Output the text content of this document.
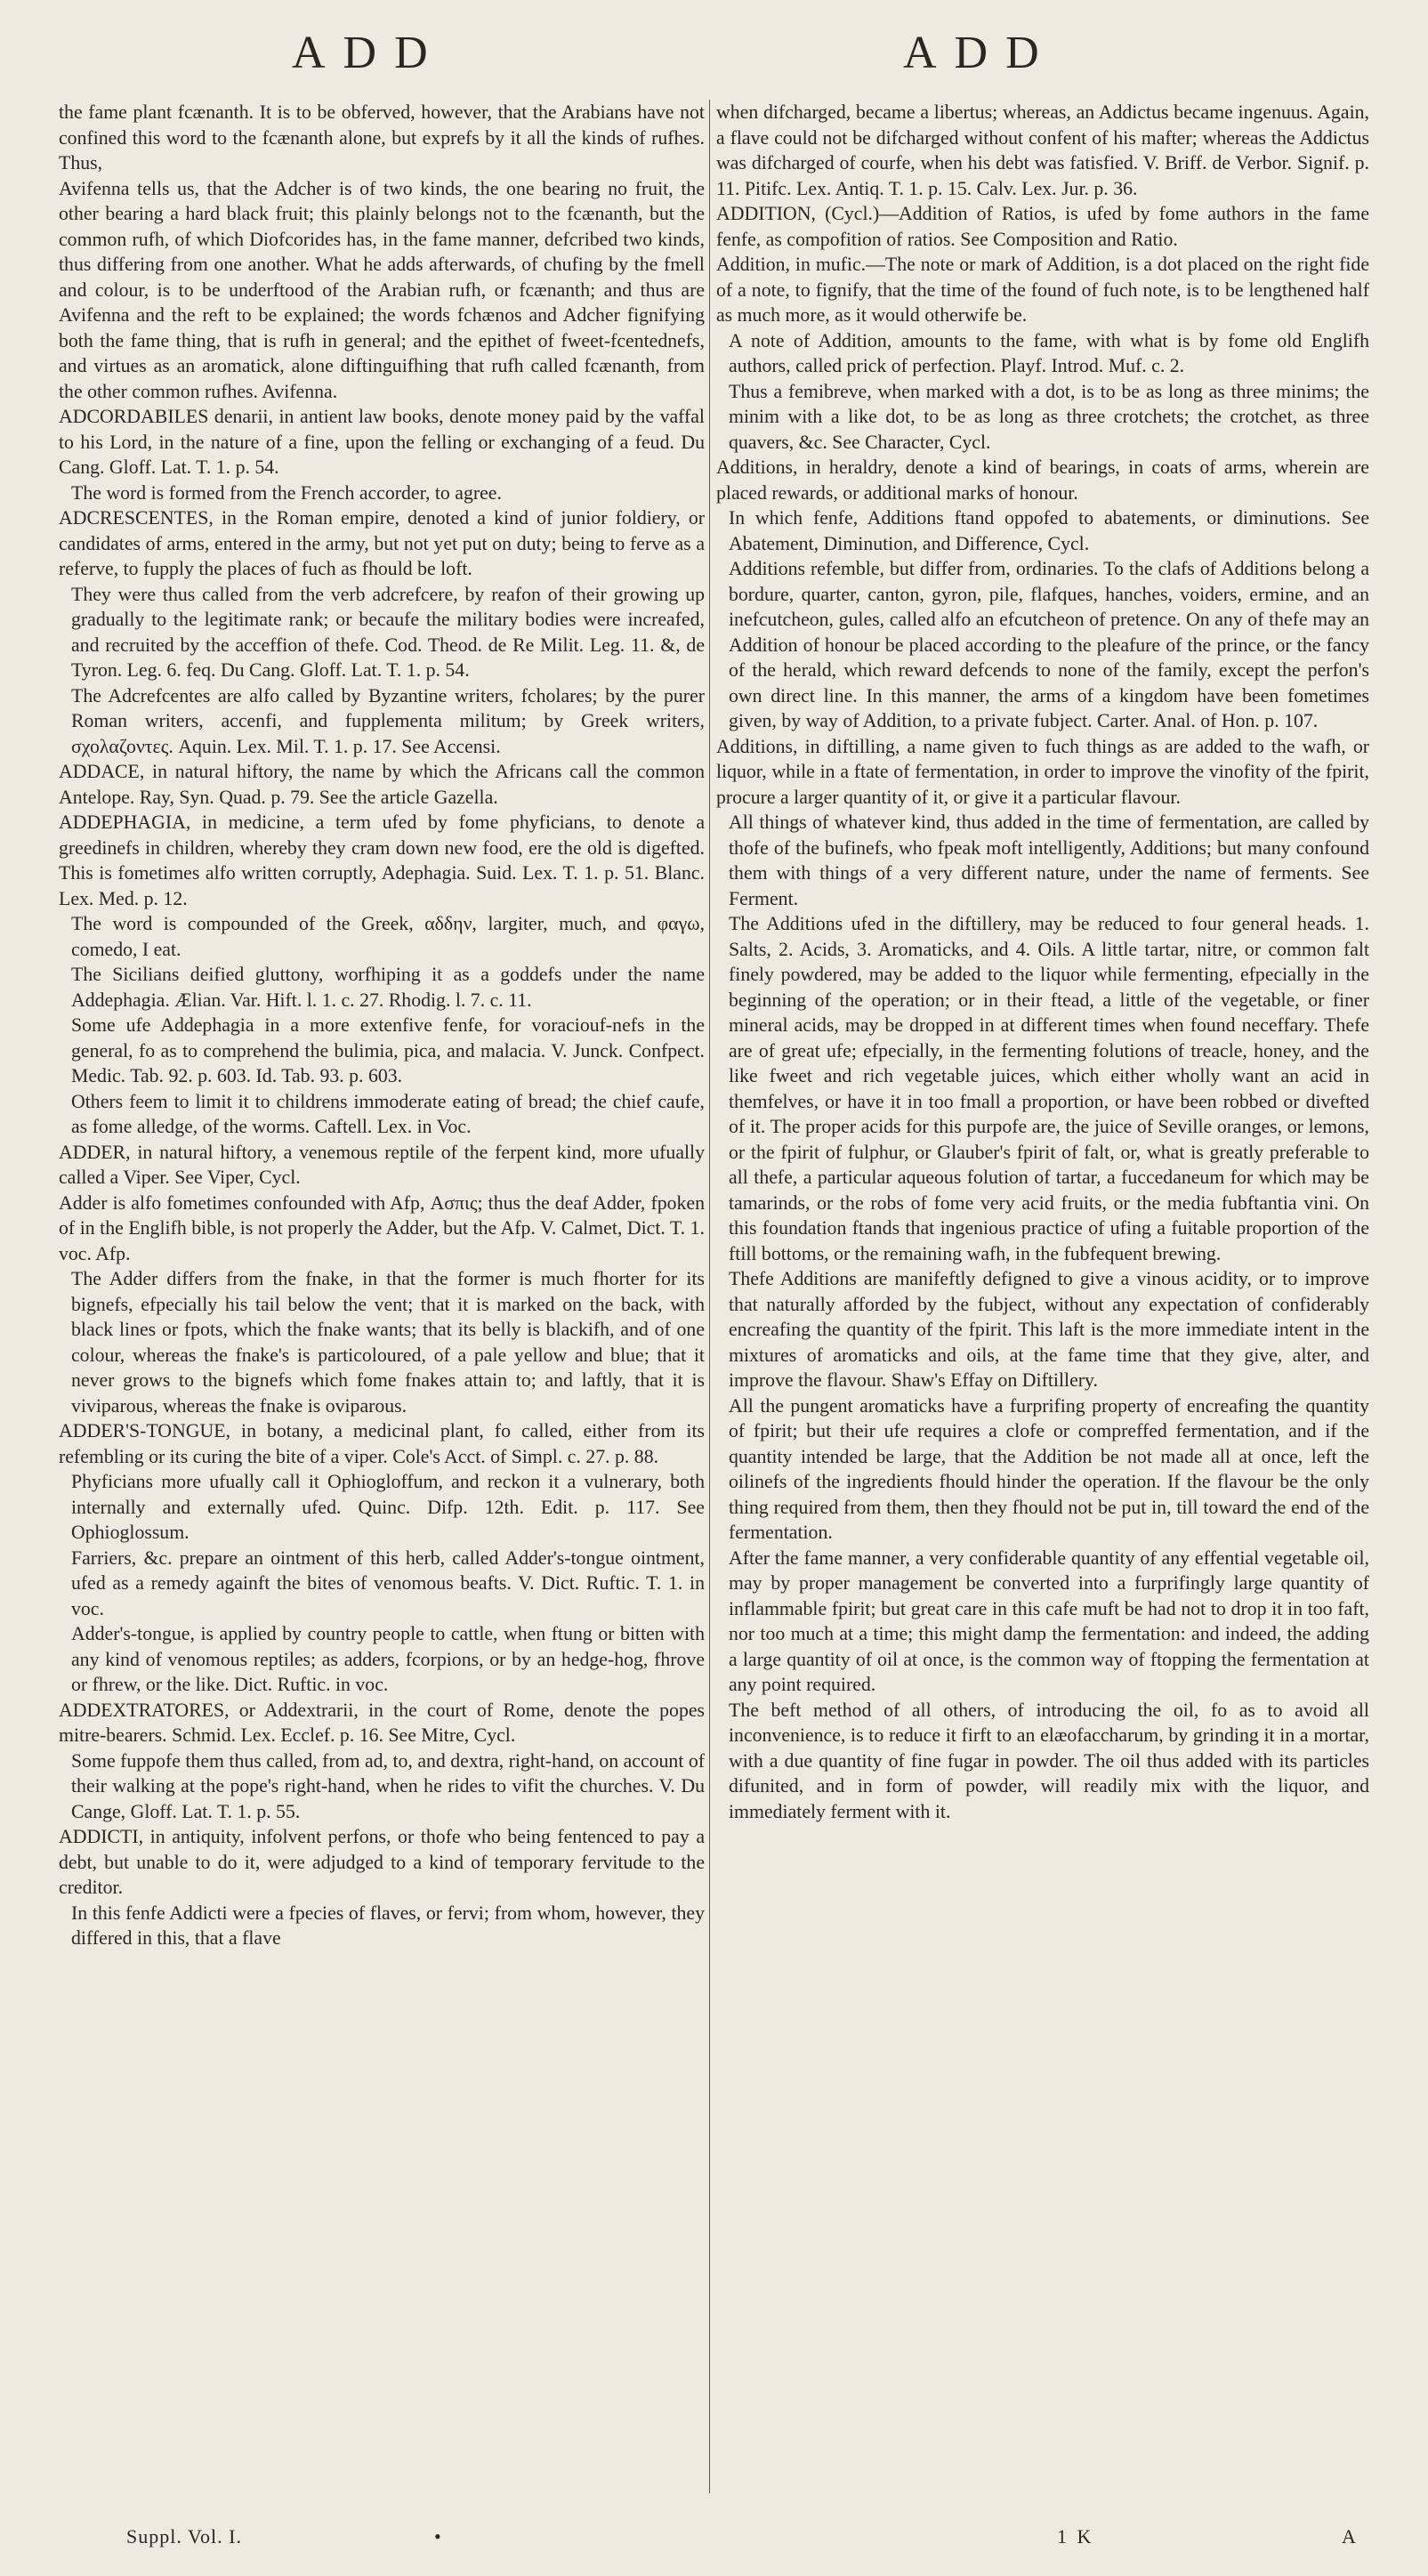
ADD	ADD

the fame plant fcænanth. It is to be obferved, however, that the Arabians have not confined this word to the fcænanth alone, but exprefs by it all the kinds of rufhes. Thus,

Avifenna tells us, that the Adcher is of two kinds, the one bearing no fruit, the other bearing a hard black fruit; this plainly belongs not to the fcænanth, but the common rufh, of which Diofcorides has, in the fame manner, defcribed two kinds, thus differing from one another. What he adds afterwards, of chufing by the fmell and colour, is to be underftood of the Arabian rufh, or fcænanth; and thus are Avifenna and the reft to be explained; the words fchænos and Adcher fignifying both the fame thing, that is rufh in general; and the epithet of fweet-fcentednefs, and virtues as an aromatick, alone diftinguifhing that rufh called fcænanth, from the other common rufhes. Avifenna.

ADCORDABILES denarii, in antient law books, denote money paid by the vaffal to his Lord, in the nature of a fine, upon the felling or exchanging of a feud. Du Cang. Gloff. Lat. T. 1. p. 54.

The word is formed from the French accorder, to agree.

ADCRESCENTES, in the Roman empire, denoted a kind of junior foldiery, or candidates of arms, entered in the army, but not yet put on duty; being to ferve as a referve, to fupply the places of fuch as fhould be loft.

They were thus called from the verb adcrefcere, by reafon of their growing up gradually to the legitimate rank; or becaufe the military bodies were increafed, and recruited by the acceffion of thefe. Cod. Theod. de Re Milit. Leg. 11. &, de Tyron. Leg. 6. feq. Du Cang. Gloff. Lat. T. 1. p. 54.

The Adcrefcentes are alfo called by Byzantine writers, fcholares; by the purer Roman writers, accenfi, and fupplementa militum; by Greek writers, σχολαζοντες. Aquin. Lex. Mil. T. 1. p. 17. See Accensi.

ADDACE, in natural hiftory, the name by which the Africans call the common Antelope. Ray, Syn. Quad. p. 79. See the article Gazella.

ADDEPHAGIA, in medicine, a term ufed by fome phyficians, to denote a greedinefs in children, whereby they cram down new food, ere the old is digefted. This is fometimes alfo written corruptly, Adephagia. Suid. Lex. T. 1. p. 51. Blanc. Lex. Med. p. 12.

The word is compounded of the Greek, αδδην, largiter, much, and φαγω, comedo, I eat.

The Sicilians deified gluttony, worfhiping it as a goddefs under the name Addephagia. Ælian. Var. Hift. l. 1. c. 27. Rhodig. l. 7. c. 11.

Some ufe Addephagia in a more extenfive fenfe, for voraciouf-nefs in the general, fo as to comprehend the bulimia, pica, and malacia. V. Junck. Confpect. Medic. Tab. 92. p. 603. Id. Tab. 93. p. 603.

Others feem to limit it to childrens immoderate eating of bread; the chief caufe, as fome alledge, of the worms. Caftell. Lex. in Voc.

ADDER, in natural hiftory, a venemous reptile of the ferpent kind, more ufually called a Viper. See Viper, Cycl.

Adder is alfo fometimes confounded with Afp, Ασπις; thus the deaf Adder, fpoken of in the Englifh bible, is not properly the Adder, but the Afp. V. Calmet, Dict. T. 1. voc. Afp.

The Adder differs from the fnake, in that the former is much fhorter for its bignefs, efpecially his tail below the vent; that it is marked on the back, with black lines or fpots, which the fnake wants; that its belly is blackifh, and of one colour, whereas the fnake's is particoloured, of a pale yellow and blue; that it never grows to the bignefs which fome fnakes attain to; and laftly, that it is viviparous, whereas the fnake is oviparous.

ADDER'S-TONGUE, in botany, a medicinal plant, fo called, either from its refembling or its curing the bite of a viper. Cole's Acct. of Simpl. c. 27. p. 88.

Phyficians more ufually call it Ophiogloffum, and reckon it a vulnerary, both internally and externally ufed. Quinc. Difp. 12th. Edit. p. 117. See Ophioglossum.

Farriers, &c. prepare an ointment of this herb, called Adder's-tongue ointment, ufed as a remedy againft the bites of venomous beafts. V. Dict. Ruftic. T. 1. in voc.

Adder's-tongue, is applied by country people to cattle, when ftung or bitten with any kind of venomous reptiles; as adders, fcorpions, or by an hedge-hog, fhrove or fhrew, or the like. Dict. Ruftic. in voc.

ADDEXTRATORES, or Addextrarii, in the court of Rome, denote the popes mitre-bearers. Schmid. Lex. Ecclef. p. 16. See Mitre, Cycl.

Some fuppofe them thus called, from ad, to, and dextra, right-hand, on account of their walking at the pope's right-hand, when he rides to vifit the churches. V. Du Cange, Gloff. Lat. T. 1. p. 55.

ADDICTI, in antiquity, infolvent perfons, or thofe who being fentenced to pay a debt, but unable to do it, were adjudged to a kind of temporary fervitude to the creditor.

In this fenfe Addicti were a fpecies of flaves, or fervi; from whom, however, they differed in this, that a flave

when difcharged, became a libertus; whereas, an Addictus became ingenuus. Again, a flave could not be difcharged without confent of his mafter; whereas the Addictus was difcharged of courfe, when his debt was fatisfied. V. Briff. de Verbor. Signif. p. 11. Pitifc. Lex. Antiq. T. 1. p. 15. Calv. Lex. Jur. p. 36.

ADDITION, (Cycl.)—Addition of Ratios, is ufed by fome authors in the fame fenfe, as compofition of ratios. See Composition and Ratio.

Addition, in mufic.—The note or mark of Addition, is a dot placed on the right fide of a note, to fignify, that the time of the found of fuch note, is to be lengthened half as much more, as it would otherwife be.

A note of Addition, amounts to the fame, with what is by fome old Englifh authors, called prick of perfection. Playf. Introd. Muf. c. 2.

Thus a femibreve, when marked with a dot, is to be as long as three minims; the minim with a like dot, to be as long as three crotchets; the crotchet, as three quavers, &c. See Character, Cycl.

Additions, in heraldry, denote a kind of bearings, in coats of arms, wherein are placed rewards, or additional marks of honour.

In which fenfe, Additions ftand oppofed to abatements, or diminutions. See Abatement, Diminution, and Difference, Cycl.

Additions refemble, but differ from, ordinaries. To the clafs of Additions belong a bordure, quarter, canton, gyron, pile, flafques, hanches, voiders, ermine, and an inefcutcheon, gules, called alfo an efcutcheon of pretence. On any of thefe may an Addition of honour be placed according to the pleafure of the prince, or the fancy of the herald, which reward defcends to none of the family, except the perfon's own direct line. In this manner, the arms of a kingdom have been fometimes given, by way of Addition, to a private fubject. Carter. Anal. of Hon. p. 107.

Additions, in diftilling, a name given to fuch things as are added to the wafh, or liquor, while in a ftate of fermentation, in order to improve the vinofity of the fpirit, procure a larger quantity of it, or give it a particular flavour.

All things of whatever kind, thus added in the time of fermentation, are called by thofe of the bufinefs, who fpeak moft intelligently, Additions; but many confound them with things of a very different nature, under the name of ferments. See Ferment.

The Additions ufed in the diftillery, may be reduced to four general heads. 1. Salts, 2. Acids, 3. Aromaticks, and 4. Oils. A little tartar, nitre, or common falt finely powdered, may be added to the liquor while fermenting, efpecially in the beginning of the operation; or in their ftead, a little of the vegetable, or finer mineral acids, may be dropped in at different times when found neceffary. Thefe are of great ufe; efpecially, in the fermenting folutions of treacle, honey, and the like fweet and rich vegetable juices, which either wholly want an acid in themfelves, or have it in too fmall a proportion, or have been robbed or divefted of it. The proper acids for this purpofe are, the juice of Seville oranges, or lemons, or the fpirit of fulphur, or Glauber's fpirit of falt, or, what is greatly preferable to all thefe, a particular aqueous folution of tartar, a fuccedaneum for which may be tamarinds, or the robs of fome very acid fruits, or the media fubftantia vini. On this foundation ftands that ingenious practice of ufing a fuitable proportion of the ftill bottoms, or the remaining wafh, in the fubfequent brewing.

Thefe Additions are manifeftly defigned to give a vinous acidity, or to improve that naturally afforded by the fubject, without any expectation of confiderably encreafing the quantity of the fpirit. This laft is the more immediate intent in the mixtures of aromaticks and oils, at the fame time that they give, alter, and improve the flavour. Shaw's Effay on Diftillery.

All the pungent aromaticks have a furprifing property of encreafing the quantity of fpirit; but their ufe requires a clofe or compreffed fermentation, and if the quantity intended be large, that the Addition be not made all at once, left the oilinefs of the ingredients fhould hinder the operation. If the flavour be the only thing required from them, then they fhould not be put in, till toward the end of the fermentation.

After the fame manner, a very confiderable quantity of any effential vegetable oil, may by proper management be converted into a furprifingly large quantity of inflammable fpirit; but great care in this cafe muft be had not to drop it in too faft, nor too much at a time; this might damp the fermentation: and indeed, the adding a large quantity of oil at once, is the common way of ftopping the fermentation at any point required.

The beft method of all others, of introducing the oil, fo as to avoid all inconvenience, is to reduce it firft to an elæofaccharum, by grinding it in a mortar, with a due quantity of fine fugar in powder. The oil thus added with its particles difunited, and in form of powder, will readily mix with the liquor, and immediately ferment with it.

Suppl. Vol. I.	•	1 K	A
